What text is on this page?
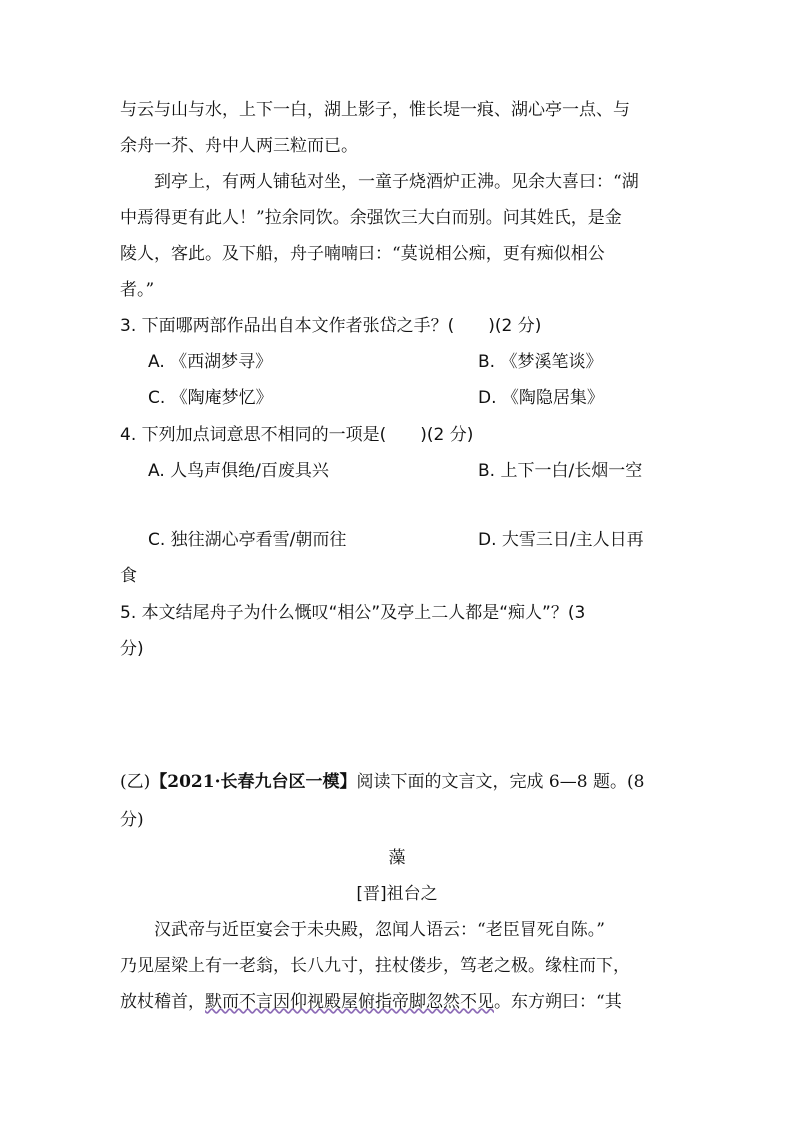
与云与山与水，上下一白，湖上影子，惟长堤一痕、湖心亭一点、与
余舟一芥、舟中人两三粒而已。
到亭上，有两人铺毡对坐，一童子烧酒炉正沸。见余大喜曰：“湖
中焉得更有此人！”拉余同饮。余强饮三大白而别。问其姓氏，是金
陵人，客此。及下船，舟子喃喃曰：“莫说相公痴，更有痴似相公
者。”
3. 下面哪两部作品出自本文作者张岱之手？(　　)(2 分)
A. 《西湖梦寻》	B. 《梦溪笔谈》
C. 《陶庵梦忆》	D. 《陶隐居集》
4. 下列加点词意思不相同的一项是(　　)(2 分)
A. 人鸟声俱绝/百废具兴	B. 上下一白/长烟一空
C. 独往湖心亭看雪/朝而往	D. 大雪三日/主人日再
食
5. 本文结尾舟子为什么慨叹“相公”及亭上二人都是“痴人”？(3
分)
(乙)【2021·长春九台区一模】阅读下面的文言文，完成 6—8 题。(8
分)
藻
[晋]祖台之
汉武帝与近臣宴会于未央殿，忽闻人语云：“老臣冒死自陈。”
乃见屋梁上有一老翁，长八九寸，拄杖偻步，笃老之极。缘柱而下，
放杖稽首，默而不言因仰视殿屋俯指帝脚忽然不见。东方朔曰：“其
